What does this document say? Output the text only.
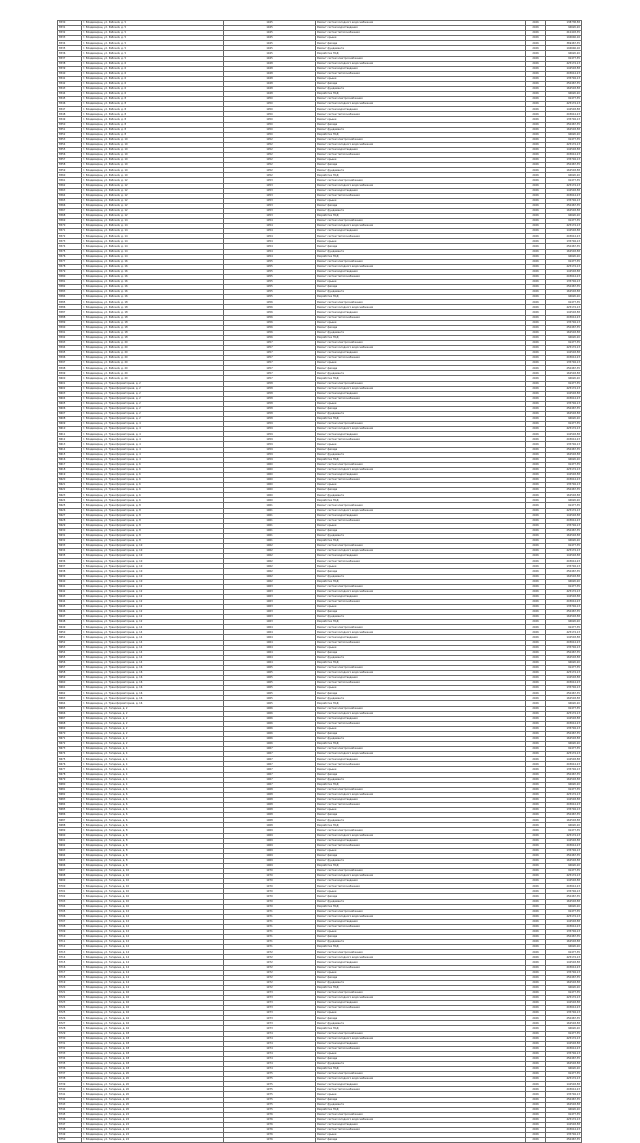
8530	г. Владимирец, ул. Рабочий, д. 5	1945	Ремонт систем холодного водоснабжения	2026	138738,58
8531	г. Владимирец, ул. Рабочий, д. 5	1945	Ремонт систем водоотведения	2026	94620,20
8532	г. Владимирец, ул. Рабочий, д. 5	1945	Ремонт систем теплоснабжения	2026	210403,35
8533	г. Владимирец, ул. Рабочий, д. 5	1945	Ремонт крыши	2026	194646,16
8534	г. Владимирец, ул. Рабочий, д. 5	1945	Ремонт фасада	2026	369467,35
8535	г. Владимирец, ул. Рабочий, д. 5	1945	Ремонт фундамента	2026	194646,16
8536	г. Владимирец, ул. Рабочий, д. 5	1945	Разработка ПСД	2026	94620,20
8537	г. Владимирец, ул. Рабочий, д. 5	1945	Ремонт систем электроснабжения	2026	91477,35
8538	г. Владимирец, ул. Рабочий, д. 6	1948	Ремонт систем холодного водоснабжения	2026	425174,13
8539	г. Владимирец, ул. Рабочий, д. 6	1948	Ремонт систем водоотведения	2026	142518,58
8540	г. Владимирец, ул. Рабочий, д. 6	1948	Ремонт систем теплоснабжения	2026	203614,23
8541	г. Владимирец, ул. Рабочий, д. 6	1948	Ремонт крыши	2026	135794,13
8542	г. Владимирец, ул. Рабочий, д. 6	1948	Ремонт фасада	2026	250467,35
8543	г. Владимирец, ул. Рабочий, д. 6	1948	Ремонт фундамента	2026	162518,58
8544	г. Владимирец, ул. Рабочий, д. 6	1948	Разработка ПСД	2026	94620,20
8545	г. Владимирец, ул. Рабочий, д. 8	1950	Ремонт систем электроснабжения	2026	91477,35
8546	г. Владимирец, ул. Рабочий, д. 8	1950	Ремонт систем холодного водоснабжения	2026	425174,13
8547	г. Владимирец, ул. Рабочий, д. 8	1950	Ремонт систем водоотведения	2026	142518,58
8548	г. Владимирец, ул. Рабочий, д. 8	1950	Ремонт систем теплоснабжения	2026	203614,23
8549	г. Владимирец, ул. Рабочий, д. 8	1950	Ремонт крыши	2026	135794,13
8550	г. Владимирец, ул. Рабочий, д. 8	1950	Ремонт фасада	2026	250467,35
8551	г. Владимирец, ул. Рабочий, д. 8	1950	Ремонт фундамента	2026	162518,58
8552	г. Владимирец, ул. Рабочий, д. 8	1950	Разработка ПСД	2026	94620,20
8553	г. Владимирец, ул. Рабочий, д. 10	1952	Ремонт систем электроснабжения	2026	91477,35
8554	г. Владимирец, ул. Рабочий, д. 10	1952	Ремонт систем холодного водоснабжения	2026	425174,13
8555	г. Владимирец, ул. Рабочий, д. 10	1952	Ремонт систем водоотведения	2026	142518,58
8556	г. Владимирец, ул. Рабочий, д. 10	1952	Ремонт систем теплоснабжения	2026	203614,23
8557	г. Владимирец, ул. Рабочий, д. 10	1952	Ремонт крыши	2026	135794,13
8558	г. Владимирец, ул. Рабочий, д. 10	1952	Ремонт фасада	2026	250467,35
8559	г. Владимирец, ул. Рабочий, д. 10	1952	Ремонт фундамента	2026	162518,58
8560	г. Владимирец, ул. Рабочий, д. 10	1952	Разработка ПСД	2026	94620,20
8561	г. Владимирец, ул. Рабочий, д. 12	1953	Ремонт систем электроснабжения	2026	91477,35
8562	г. Владимирец, ул. Рабочий, д. 12	1953	Ремонт систем холодного водоснабжения	2026	425174,13
8563	г. Владимирец, ул. Рабочий, д. 12	1953	Ремонт систем водоотведения	2026	142518,58
8564	г. Владимирец, ул. Рабочий, д. 12	1953	Ремонт систем теплоснабжения	2026	203614,23
8565	г. Владимирец, ул. Рабочий, д. 12	1953	Ремонт крыши	2026	135794,13
8566	г. Владимирец, ул. Рабочий, д. 12	1953	Ремонт фасада	2026	250467,35
8567	г. Владимирец, ул. Рабочий, д. 12	1953	Ремонт фундамента	2026	162518,58
8568	г. Владимирец, ул. Рабочий, д. 12	1953	Разработка ПСД	2026	94620,20
8569	г. Владимирец, ул. Рабочий, д. 14	1954	Ремонт систем электроснабжения	2026	91477,35
8570	г. Владимирец, ул. Рабочий, д. 14	1954	Ремонт систем холодного водоснабжения	2026	425174,13
8571	г. Владимирец, ул. Рабочий, д. 14	1954	Ремонт систем водоотведения	2026	142518,58
8572	г. Владимирец, ул. Рабочий, д. 14	1954	Ремонт систем теплоснабжения	2026	203614,23
8573	г. Владимирец, ул. Рабочий, д. 14	1954	Ремонт крыши	2026	135794,13
8574	г. Владимирец, ул. Рабочий, д. 14	1954	Ремонт фасада	2026	250467,35
8575	г. Владимирец, ул. Рабочий, д. 14	1954	Ремонт фундамента	2026	162518,58
8576	г. Владимирец, ул. Рабочий, д. 14	1954	Разработка ПСД	2026	94620,20
8577	г. Владимирец, ул. Рабочий, д. 16	1955	Ремонт систем электроснабжения	2026	91477,35
8578	г. Владимирец, ул. Рабочий, д. 16	1955	Ремонт систем холодного водоснабжения	2026	425174,13
8579	г. Владимирец, ул. Рабочий, д. 16	1955	Ремонт систем водоотведения	2026	142518,58
8580	г. Владимирец, ул. Рабочий, д. 16	1955	Ремонт систем теплоснабжения	2026	203614,23
8581	г. Владимирец, ул. Рабочий, д. 16	1955	Ремонт крыши	2026	135794,13
8582	г. Владимирец, ул. Рабочий, д. 16	1955	Ремонт фасада	2026	250467,35
8583	г. Владимирец, ул. Рабочий, д. 16	1955	Ремонт фундамента	2026	162518,58
8584	г. Владимирец, ул. Рабочий, д. 16	1955	Разработка ПСД	2026	94620,20
8585	г. Владимирец, ул. Рабочий, д. 18	1956	Ремонт систем электроснабжения	2026	91477,35
8586	г. Владимирец, ул. Рабочий, д. 18	1956	Ремонт систем холодного водоснабжения	2026	425174,13
8587	г. Владимирец, ул. Рабочий, д. 18	1956	Ремонт систем водоотведения	2026	142518,58
8588	г. Владимирец, ул. Рабочий, д. 18	1956	Ремонт систем теплоснабжения	2026	203614,23
8589	г. Владимирец, ул. Рабочий, д. 18	1956	Ремонт крыши	2026	135794,13
8590	г. Владимирец, ул. Рабочий, д. 18	1956	Ремонт фасада	2026	250467,35
8591	г. Владимирец, ул. Рабочий, д. 18	1956	Ремонт фундамента	2026	162518,58
8592	г. Владимирец, ул. Рабочий, д. 18	1956	Разработка ПСД	2026	94620,20
8593	г. Владимирец, ул. Рабочий, д. 20	1957	Ремонт систем электроснабжения	2026	91477,35
8594	г. Владимирец, ул. Рабочий, д. 20	1957	Ремонт систем холодного водоснабжения	2026	425174,13
8595	г. Владимирец, ул. Рабочий, д. 20	1957	Ремонт систем водоотведения	2026	142518,58
8596	г. Владимирец, ул. Рабочий, д. 20	1957	Ремонт систем теплоснабжения	2026	203614,23
8597	г. Владимирец, ул. Рабочий, д. 20	1957	Ремонт крыши	2026	135794,13
8598	г. Владимирец, ул. Рабочий, д. 20	1957	Ремонт фасада	2026	250467,35
8599	г. Владимирец, ул. Рабочий, д. 20	1957	Ремонт фундамента	2026	162518,58
8600	г. Владимирец, ул. Рабочий, д. 20	1957	Разработка ПСД	2026	94620,20
8601	г. Владимирец, ул. Трансформаторная, д. 2	1958	Ремонт систем электроснабжения	2026	91477,35
8602	г. Владимирец, ул. Трансформаторная, д. 2	1958	Ремонт систем холодного водоснабжения	2026	425174,13
8603	г. Владимирец, ул. Трансформаторная, д. 2	1958	Ремонт систем водоотведения	2026	142518,58
8604	г. Владимирец, ул. Трансформаторная, д. 2	1958	Ремонт систем теплоснабжения	2026	203614,23
8605	г. Владимирец, ул. Трансформаторная, д. 2	1958	Ремонт крыши	2026	135794,13
8606	г. Владимирец, ул. Трансформаторная, д. 2	1958	Ремонт фасада	2026	250467,35
8607	г. Владимирец, ул. Трансформаторная, д. 2	1958	Ремонт фундамента	2026	162518,58
8608	г. Владимирец, ул. Трансформаторная, д. 2	1958	Разработка ПСД	2026	94620,20
8609	г. Владимирец, ул. Трансформаторная, д. 4	1959	Ремонт систем электроснабжения	2026	91477,35
8610	г. Владимирец, ул. Трансформаторная, д. 4	1959	Ремонт систем холодного водоснабжения	2026	425174,13
8611	г. Владимирец, ул. Трансформаторная, д. 4	1959	Ремонт систем водоотведения	2026	142518,58
8612	г. Владимирец, ул. Трансформаторная, д. 4	1959	Ремонт систем теплоснабжения	2026	203614,23
8613	г. Владимирец, ул. Трансформаторная, д. 4	1959	Ремонт крыши	2026	135794,13
8614	г. Владимирец, ул. Трансформаторная, д. 4	1959	Ремонт фасада	2026	250467,35
8615	г. Владимирец, ул. Трансформаторная, д. 4	1959	Ремонт фундамента	2026	162518,58
8616	г. Владимирец, ул. Трансформаторная, д. 4	1959	Разработка ПСД	2026	94620,20
8617	г. Владимирец, ул. Трансформаторная, д. 6	1960	Ремонт систем электроснабжения	2026	91477,35
8618	г. Владимирец, ул. Трансформаторная, д. 6	1960	Ремонт систем холодного водоснабжения	2026	425174,13
8619	г. Владимирец, ул. Трансформаторная, д. 6	1960	Ремонт систем водоотведения	2026	142518,58
8620	г. Владимирец, ул. Трансформаторная, д. 6	1960	Ремонт систем теплоснабжения	2026	203614,23
8621	г. Владимирец, ул. Трансформаторная, д. 6	1960	Ремонт крыши	2026	135794,13
8622	г. Владимирец, ул. Трансформаторная, д. 6	1960	Ремонт фасада	2026	250467,35
8623	г. Владимирец, ул. Трансформаторная, д. 6	1960	Ремонт фундамента	2026	162518,58
8624	г. Владимирец, ул. Трансформаторная, д. 6	1960	Разработка ПСД	2026	94620,20
8625	г. Владимирец, ул. Трансформаторная, д. 8	1961	Ремонт систем электроснабжения	2026	91477,35
8626	г. Владимирец, ул. Трансформаторная, д. 8	1961	Ремонт систем холодного водоснабжения	2026	425174,13
8627	г. Владимирец, ул. Трансформаторная, д. 8	1961	Ремонт систем водоотведения	2026	142518,58
8628	г. Владимирец, ул. Трансформаторная, д. 8	1961	Ремонт систем теплоснабжения	2026	203614,23
8629	г. Владимирец, ул. Трансформаторная, д. 8	1961	Ремонт крыши	2026	135794,13
8630	г. Владимирец, ул. Трансформаторная, д. 8	1961	Ремонт фасада	2026	250467,35
8631	г. Владимирец, ул. Трансформаторная, д. 8	1961	Ремонт фундамента	2026	162518,58
8632	г. Владимирец, ул. Трансформаторная, д. 8	1961	Разработка ПСД	2026	94620,20
8633	г. Владимирец, ул. Трансформаторная, д. 10	1962	Ремонт систем электроснабжения	2026	91477,35
8634	г. Владимирец, ул. Трансформаторная, д. 10	1962	Ремонт систем холодного водоснабжения	2026	425174,13
8635	г. Владимирец, ул. Трансформаторная, д. 10	1962	Ремонт систем водоотведения	2026	142518,58
8636	г. Владимирец, ул. Трансформаторная, д. 10	1962	Ремонт систем теплоснабжения	2026	203614,23
8637	г. Владимирец, ул. Трансформаторная, д. 10	1962	Ремонт крыши	2026	135794,13
8638	г. Владимирец, ул. Трансформаторная, д. 10	1962	Ремонт фасада	2026	250467,35
8639	г. Владимирец, ул. Трансформаторная, д. 10	1962	Ремонт фундамента	2026	162518,58
8640	г. Владимирец, ул. Трансформаторная, д. 10	1962	Разработка ПСД	2026	94620,20
8641	г. Владимирец, ул. Трансформаторная, д. 12	1963	Ремонт систем электроснабжения	2026	91477,35
8642	г. Владимирец, ул. Трансформаторная, д. 12	1963	Ремонт систем холодного водоснабжения	2026	425174,13
8643	г. Владимирец, ул. Трансформаторная, д. 12	1963	Ремонт систем водоотведения	2026	142518,58
8644	г. Владимирец, ул. Трансформаторная, д. 12	1963	Ремонт систем теплоснабжения	2026	203614,23
8645	г. Владимирец, ул. Трансформаторная, д. 12	1963	Ремонт крыши	2026	135794,13
8646	г. Владимирец, ул. Трансформаторная, д. 12	1963	Ремонт фасада	2026	250467,35
8647	г. Владимирец, ул. Трансформаторная, д. 12	1963	Ремонт фундамента	2026	162518,58
8648	г. Владимирец, ул. Трансформаторная, д. 12	1963	Разработка ПСД	2026	94620,20
8649	г. Владимирец, ул. Трансформаторная, д. 14	1964	Ремонт систем электроснабжения	2026	91477,35
8650	г. Владимирец, ул. Трансформаторная, д. 14	1964	Ремонт систем холодного водоснабжения	2026	425174,13
8651	г. Владимирец, ул. Трансформаторная, д. 14	1964	Ремонт систем водоотведения	2026	142518,58
8652	г. Владимирец, ул. Трансформаторная, д. 14	1964	Ремонт систем теплоснабжения	2026	203614,23
8653	г. Владимирец, ул. Трансформаторная, д. 14	1964	Ремонт крыши	2026	135794,13
8654	г. Владимирец, ул. Трансформаторная, д. 14	1964	Ремонт фасада	2026	250467,35
8655	г. Владимирец, ул. Трансформаторная, д. 14	1964	Ремонт фундамента	2026	162518,58
8656	г. Владимирец, ул. Трансформаторная, д. 14	1964	Разработка ПСД	2026	94620,20
8657	г. Владимирец, ул. Трансформаторная, д. 16	1965	Ремонт систем электроснабжения	2026	91477,35
8658	г. Владимирец, ул. Трансформаторная, д. 16	1965	Ремонт систем холодного водоснабжения	2026	425174,13
8659	г. Владимирец, ул. Трансформаторная, д. 16	1965	Ремонт систем водоотведения	2026	142518,58
8660	г. Владимирец, ул. Трансформаторная, д. 16	1965	Ремонт систем теплоснабжения	2026	203614,23
8661	г. Владимирец, ул. Трансформаторная, д. 16	1965	Ремонт крыши	2026	135794,13
8662	г. Владимирец, ул. Трансформаторная, д. 16	1965	Ремонт фасада	2026	250467,35
8663	г. Владимирец, ул. Трансформаторная, д. 16	1965	Ремонт фундамента	2026	162518,58
8664	г. Владимирец, ул. Трансформаторная, д. 16	1965	Разработка ПСД	2026	94620,20
8665	г. Владимирец, ул. Гагарина, д. 2	1966	Ремонт систем электроснабжения	2026	91477,35
8666	г. Владимирец, ул. Гагарина, д. 2	1966	Ремонт систем холодного водоснабжения	2026	425174,13
8667	г. Владимирец, ул. Гагарина, д. 2	1966	Ремонт систем водоотведения	2026	142518,58
8668	г. Владимирец, ул. Гагарина, д. 2	1966	Ремонт систем теплоснабжения	2026	203614,23
8669	г. Владимирец, ул. Гагарина, д. 2	1966	Ремонт крыши	2026	135794,13
8670	г. Владимирец, ул. Гагарина, д. 2	1966	Ремонт фасада	2026	250467,35
8671	г. Владимирец, ул. Гагарина, д. 2	1966	Ремонт фундамента	2026	162518,58
8672	г. Владимирец, ул. Гагарина, д. 2	1966	Разработка ПСД	2026	94620,20
8673	г. Владимирец, ул. Гагарина, д. 4	1967	Ремонт систем электроснабжения	2026	91477,35
8674	г. Владимирец, ул. Гагарина, д. 4	1967	Ремонт систем холодного водоснабжения	2026	425174,13
8675	г. Владимирец, ул. Гагарина, д. 4	1967	Ремонт систем водоотведения	2026	142518,58
8676	г. Владимирец, ул. Гагарина, д. 4	1967	Ремонт систем теплоснабжения	2026	203614,23
8677	г. Владимирец, ул. Гагарина, д. 4	1967	Ремонт крыши	2026	135794,13
8678	г. Владимирец, ул. Гагарина, д. 4	1967	Ремонт фасада	2026	250467,35
8679	г. Владимирец, ул. Гагарина, д. 4	1967	Ремонт фундамента	2026	162518,58
8680	г. Владимирец, ул. Гагарина, д. 4	1967	Разработка ПСД	2026	94620,20
8681	г. Владимирец, ул. Гагарина, д. 6	1968	Ремонт систем электроснабжения	2026	91477,35
8682	г. Владимирец, ул. Гагарина, д. 6	1968	Ремонт систем холодного водоснабжения	2026	425174,13
8683	г. Владимирец, ул. Гагарина, д. 6	1968	Ремонт систем водоотведения	2026	142518,58
8684	г. Владимирец, ул. Гагарина, д. 6	1968	Ремонт систем теплоснабжения	2026	203614,23
8685	г. Владимирец, ул. Гагарина, д. 6	1968	Ремонт крыши	2026	135794,13
8686	г. Владимирец, ул. Гагарина, д. 6	1968	Ремонт фасада	2026	250467,35
8687	г. Владимирец, ул. Гагарина, д. 6	1968	Ремонт фундамента	2026	162518,58
8688	г. Владимирец, ул. Гагарина, д. 6	1968	Разработка ПСД	2026	94620,20
8689	г. Владимирец, ул. Гагарина, д. 8	1969	Ремонт систем электроснабжения	2026	91477,35
8690	г. Владимирец, ул. Гагарина, д. 8	1969	Ремонт систем холодного водоснабжения	2026	425174,13
8691	г. Владимирец, ул. Гагарина, д. 8	1969	Ремонт систем водоотведения	2026	142518,58
8692	г. Владимирец, ул. Гагарина, д. 8	1969	Ремонт систем теплоснабжения	2026	203614,23
8693	г. Владимирец, ул. Гагарина, д. 8	1969	Ремонт крыши	2026	135794,13
8694	г. Владимирец, ул. Гагарина, д. 8	1969	Ремонт фасада	2026	250467,35
8695	г. Владимирец, ул. Гагарина, д. 8	1969	Ремонт фундамента	2026	162518,58
8696	г. Владимирец, ул. Гагарина, д. 8	1969	Разработка ПСД	2026	94620,20
8697	г. Владимирец, ул. Гагарина, д. 10	1970	Ремонт систем электроснабжения	2026	91477,35
8698	г. Владимирец, ул. Гагарина, д. 10	1970	Ремонт систем холодного водоснабжения	2026	425174,13
8699	г. Владимирец, ул. Гагарина, д. 10	1970	Ремонт систем водоотведения	2026	142518,58
8700	г. Владимирец, ул. Гагарина, д. 10	1970	Ремонт систем теплоснабжения	2026	203614,23
8701	г. Владимирец, ул. Гагарина, д. 10	1970	Ремонт крыши	2026	135794,13
8702	г. Владимирец, ул. Гагарина, д. 10	1970	Ремонт фасада	2026	250467,35
8703	г. Владимирец, ул. Гагарина, д. 10	1970	Ремонт фундамента	2026	162518,58
8704	г. Владимирец, ул. Гагарина, д. 10	1970	Разработка ПСД	2026	94620,20
8705	г. Владимирец, ул. Гагарина, д. 12	1971	Ремонт систем электроснабжения	2026	91477,35
8706	г. Владимирец, ул. Гагарина, д. 12	1971	Ремонт систем холодного водоснабжения	2026	425174,13
8707	г. Владимирец, ул. Гагарина, д. 12	1971	Ремонт систем водоотведения	2026	142518,58
8708	г. Владимирец, ул. Гагарина, д. 12	1971	Ремонт систем теплоснабжения	2026	203614,23
8709	г. Владимирец, ул. Гагарина, д. 12	1971	Ремонт крыши	2026	135794,13
8710	г. Владимирец, ул. Гагарина, д. 12	1971	Ремонт фасада	2026	250467,35
8711	г. Владимирец, ул. Гагарина, д. 12	1971	Ремонт фундамента	2026	162518,58
8712	г. Владимирец, ул. Гагарина, д. 12	1971	Разработка ПСД	2026	94620,20
8713	г. Владимирец, ул. Гагарина, д. 14	1972	Ремонт систем электроснабжения	2026	91477,35
8714	г. Владимирец, ул. Гагарина, д. 14	1972	Ремонт систем холодного водоснабжения	2026	425174,13
8715	г. Владимирец, ул. Гагарина, д. 14	1972	Ремонт систем водоотведения	2026	142518,58
8716	г. Владимирец, ул. Гагарина, д. 14	1972	Ремонт систем теплоснабжения	2026	203614,23
8717	г. Владимирец, ул. Гагарина, д. 14	1972	Ремонт крыши	2026	135794,13
8718	г. Владимирец, ул. Гагарина, д. 14	1972	Ремонт фасада	2026	250467,35
8719	г. Владимирец, ул. Гагарина, д. 14	1972	Ремонт фундамента	2026	162518,58
8720	г. Владимирец, ул. Гагарина, д. 14	1972	Разработка ПСД	2026	94620,20
8721	г. Владимирец, ул. Гагарина, д. 16	1973	Ремонт систем электроснабжения	2026	91477,35
8722	г. Владимирец, ул. Гагарина, д. 16	1973	Ремонт систем холодного водоснабжения	2026	425174,13
8723	г. Владимирец, ул. Гагарина, д. 16	1973	Ремонт систем водоотведения	2026	142518,58
8724	г. Владимирец, ул. Гагарина, д. 16	1973	Ремонт систем теплоснабжения	2026	203614,23
8725	г. Владимирец, ул. Гагарина, д. 16	1973	Ремонт крыши	2026	135794,13
8726	г. Владимирец, ул. Гагарина, д. 16	1973	Ремонт фасада	2026	250467,35
8727	г. Владимирец, ул. Гагарина, д. 16	1973	Ремонт фундамента	2026	162518,58
8728	г. Владимирец, ул. Гагарина, д. 16	1973	Разработка ПСД	2026	94620,20
8729	г. Владимирец, ул. Гагарина, д. 18	1974	Ремонт систем электроснабжения	2026	91477,35
8730	г. Владимирец, ул. Гагарина, д. 18	1974	Ремонт систем холодного водоснабжения	2026	425174,13
8731	г. Владимирец, ул. Гагарина, д. 18	1974	Ремонт систем водоотведения	2026	142518,58
8732	г. Владимирец, ул. Гагарина, д. 18	1974	Ремонт систем теплоснабжения	2026	203614,23
8733	г. Владимирец, ул. Гагарина, д. 18	1974	Ремонт крыши	2026	135794,13
8734	г. Владимирец, ул. Гагарина, д. 18	1974	Ремонт фасада	2026	250467,35
8735	г. Владимирец, ул. Гагарина, д. 18	1974	Ремонт фундамента	2026	162518,58
8736	г. Владимирец, ул. Гагарина, д. 18	1974	Разработка ПСД	2026	94620,20
8737	г. Владимирец, ул. Гагарина, д. 20	1975	Ремонт систем электроснабжения	2026	91477,35
8738	г. Владимирец, ул. Гагарина, д. 20	1975	Ремонт систем холодного водоснабжения	2026	425174,13
8739	г. Владимирец, ул. Гагарина, д. 20	1975	Ремонт систем водоотведения	2026	142518,58
8740	г. Владимирец, ул. Гагарина, д. 20	1975	Ремонт систем теплоснабжения	2026	203614,23
8741	г. Владимирец, ул. Гагарина, д. 20	1975	Ремонт крыши	2026	135794,13
8742	г. Владимирец, ул. Гагарина, д. 20	1975	Ремонт фасада	2026	250467,35
8743	г. Владимирец, ул. Гагарина, д. 20	1975	Ремонт фундамента	2026	162518,58
8744	г. Владимирец, ул. Гагарина, д. 20	1975	Разработка ПСД	2026	94620,20
8745	г. Владимирец, ул. Гагарина, д. 22	1976	Ремонт систем электроснабжения	2026	91477,35
8746	г. Владимирец, ул. Гагарина, д. 22	1976	Ремонт систем холодного водоснабжения	2026	425174,13
8747	г. Владимирец, ул. Гагарина, д. 22	1976	Ремонт систем водоотведения	2026	142518,58
8748	г. Владимирец, ул. Гагарина, д. 22	1976	Ремонт систем теплоснабжения	2026	203614,23
8749	г. Владимирец, ул. Гагарина, д. 22	1976	Ремонт крыши	2026	135794,13
8750	г. Владимирец, ул. Гагарина, д. 22	1976	Ремонт фасада	2026	250467,35
